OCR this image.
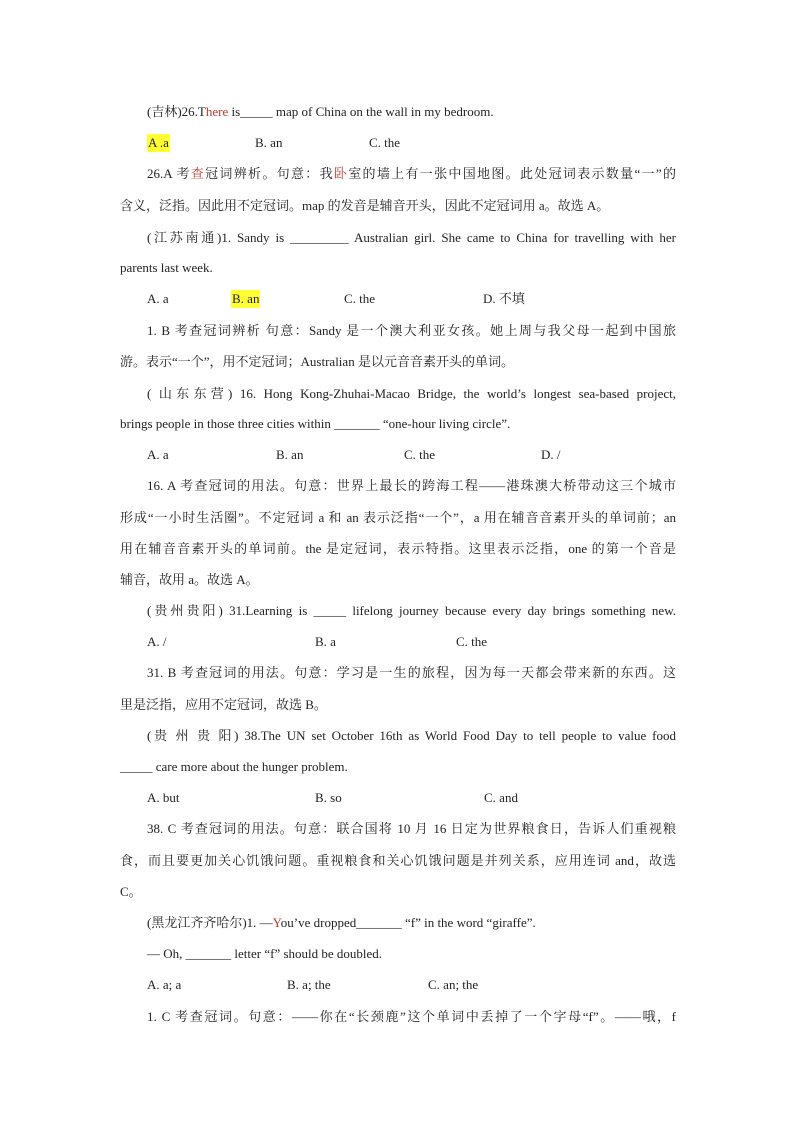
(吉林)26.There is_____ map of China on the wall in my bedroom.
A .a	B. an	C. the
26.A 考查冠词辨析。句意：我卧室的墙上有一张中国地图。此处冠词表示数量“一”的
含义，泛指。因此用不定冠词。map 的发音是辅音开头，因此不定冠词用 a。故选 A。
(江苏南通)1. Sandy is _________ Australian girl. She came to China for travelling with her
parents last week.
A. a	B. an	C. the	D. 不填
1. B 考查冠词辨析 句意：Sandy 是一个澳大利亚女孩。她上周与我父母一起到中国旅
游。表示“一个”，用不定冠词；Australian 是以元音音素开头的单词。
( 山东东营) 16. Hong Kong-Zhuhai-Macao Bridge, the world’s longest sea-based project,
brings people in those three cities within _______ “one-hour living circle”.
A. a	B. an	C. the	D. /
16. A 考查冠词的用法。句意：世界上最长的跨海工程——港珠澳大桥带动这三个城市
形成“一小时生活圈”。不定冠词 a 和 an 表示泛指“一个”，a 用在辅音音素开头的单词前；an
用在辅音音素开头的单词前。the 是定冠词，表示特指。这里表示泛指，one 的第一个音是
辅音，故用 a。故选 A。
(贵州贵阳) 31.Learning is _____ lifelong journey because every day brings something new.
A. /	B. a	C. the
31. B 考查冠词的用法。句意：学习是一生的旅程，因为每一天都会带来新的东西。这
里是泛指，应用不定冠词，故选 B。
(贵 州 贵 阳) 38.The UN set October 16th as World Food Day to tell people to value food
_____ care more about the hunger problem.
A. but	B. so	C. and
38. C 考查冠词的用法。句意：联合国将 10 月 16 日定为世界粮食日，告诉人们重视粮
食，而且要更加关心饥饿问题。重视粮食和关心饥饿问题是并列关系，应用连词 and，故选
C。
(黑龙江齐齐哈尔)1. —You’ve dropped_______ “f” in the word “giraffe”.
— Oh, _______ letter “f” should be doubled.
A. a; a	B. a; the	C. an; the
1. C 考查冠词。句意：——你在“长颈鹿”这个单词中丢掉了一个字母“f”。——哦，f
